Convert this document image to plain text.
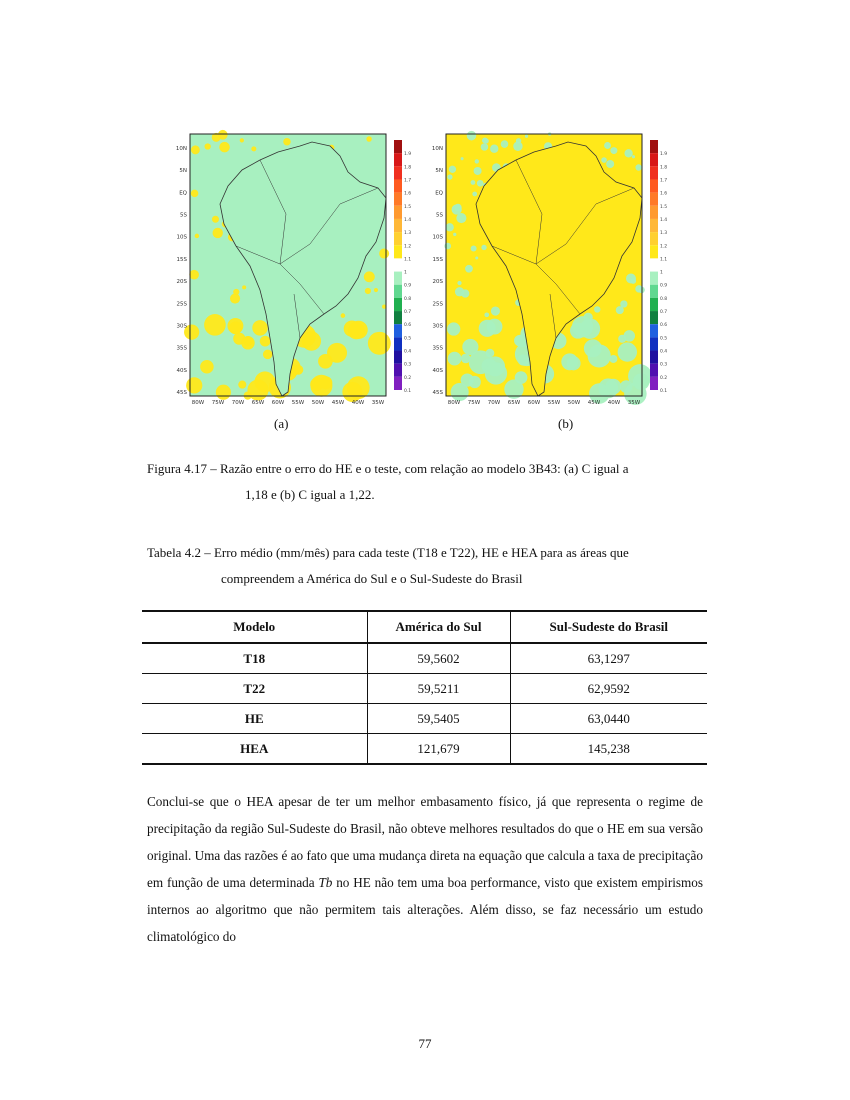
10N
5N
EQ
5S
10S
15S
20S
25S
30S
35S
40S
45S
80W 75W 70W 65W 60W 55W 50W 45W 40W 35W
1.9
1.8
1.7
1.6
1.5
1.4
1.3
1.2
1.1
1
0.9
0.8
0.7
0.6
0.5
0.4
0.3
0.2
0.1
10N
5N
EQ
5S
10S
15S
20S
25S
30S
35S
40S
45S
80W 75W 70W 65W 60W 55W 50W 45W 40W 35W
1.9
1.8
1.7
1.6
1.5
1.4
1.3
1.2
1.1
1
0.9
0.8
0.7
0.6
0.5
0.4
0.3
0.2
0.1
(a)	(b)
Figura 4.17 – Razão entre o erro do HE e o teste, com relação ao modelo 3B43: (a) C igual a
1,18 e (b) C igual a 1,22.
Tabela 4.2 – Erro médio (mm/mês) para cada teste (T18 e T22), HE e HEA para as áreas que
compreendem a América do Sul e o Sul-Sudeste do Brasil
Modelo	América do Sul	Sul-Sudeste do Brasil
T18	59,5602	63,1297
T22	59,5211	62,9592
HE	59,5405	63,0440
HEA	121,679	145,238

Conclui-se que o HEA apesar de ter um melhor embasamento físico, já que representa o regime de precipitação da região Sul-Sudeste do Brasil, não obteve melhores resultados do que o HE em sua versão original. Uma das razões é ao fato que uma mudança direta na equação que calcula a taxa de precipitação em função de uma determinada Tb no HE não tem uma boa performance, visto que existem empirismos internos ao algoritmo que não permitem tais alterações. Além disso, se faz necessário um estudo climatológico do

77
